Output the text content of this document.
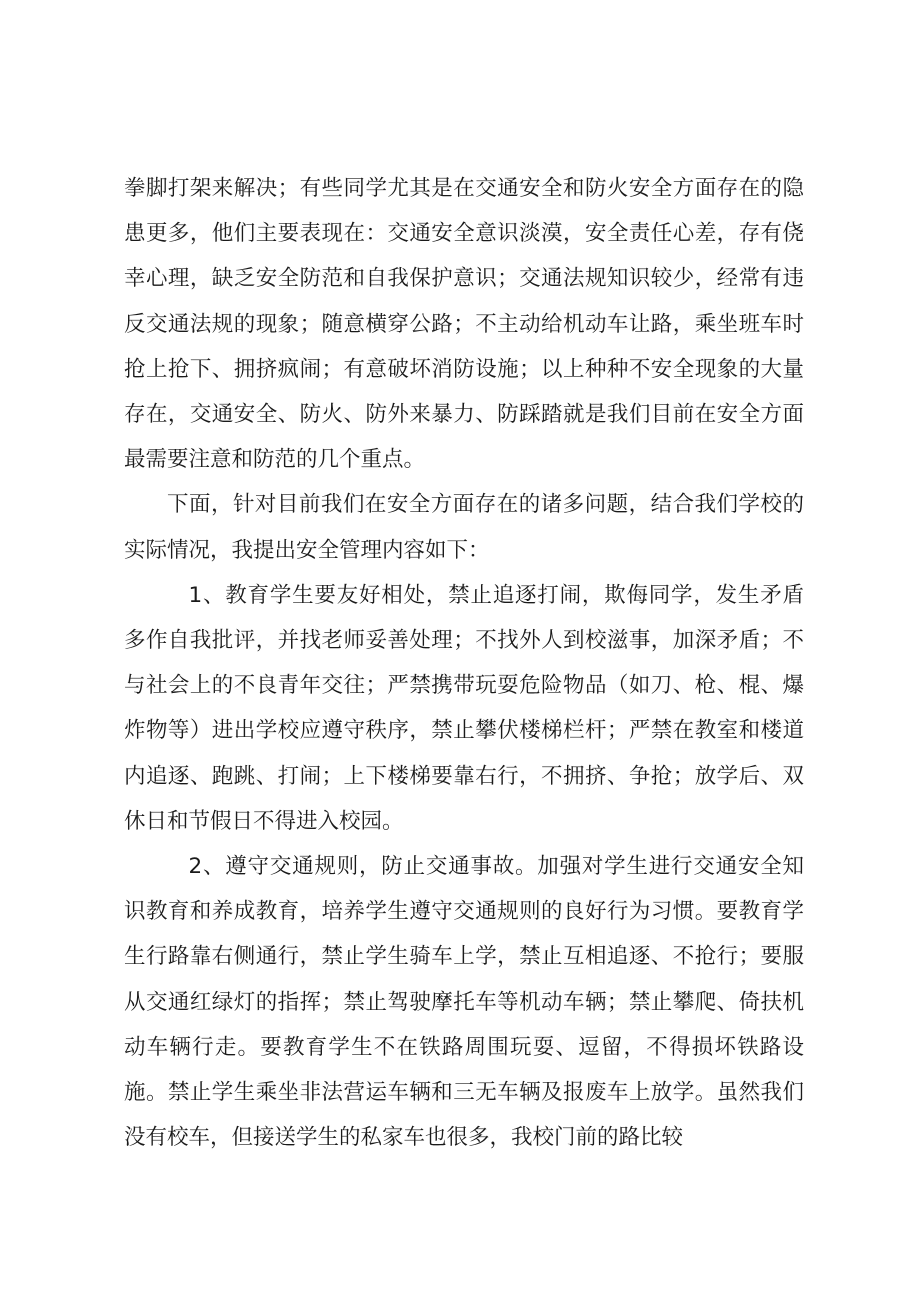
拳脚打架来解决；有些同学尤其是在交通安全和防火安全方面存在的隐患更多，他们主要表现在：交通安全意识淡漠，安全责任心差，存有侥幸心理，缺乏安全防范和自我保护意识；交通法规知识较少，经常有违反交通法规的现象；随意横穿公路；不主动给机动车让路，乘坐班车时抢上抢下、拥挤疯闹；有意破坏消防设施；以上种种不安全现象的大量存在，交通安全、防火、防外来暴力、防踩踏就是我们目前在安全方面最需要注意和防范的几个重点。

下面，针对目前我们在安全方面存在的诸多问题，结合我们学校的实际情况，我提出安全管理内容如下：

1、教育学生要友好相处，禁止追逐打闹，欺侮同学，发生矛盾多作自我批评，并找老师妥善处理；不找外人到校滋事，加深矛盾；不与社会上的不良青年交往；严禁携带玩耍危险物品（如刀、枪、棍、爆炸物等）进出学校应遵守秩序，禁止攀伏楼梯栏杆；严禁在教室和楼道内追逐、跑跳、打闹；上下楼梯要靠右行，不拥挤、争抢；放学后、双休日和节假日不得进入校园。

2、遵守交通规则，防止交通事故。加强对学生进行交通安全知识教育和养成教育，培养学生遵守交通规则的良好行为习惯。要教育学生行路靠右侧通行，禁止学生骑车上学，禁止互相追逐、不抢行；要服从交通红绿灯的指挥；禁止驾驶摩托车等机动车辆；禁止攀爬、倚扶机动车辆行走。要教育学生不在铁路周围玩耍、逗留，不得损坏铁路设施。禁止学生乘坐非法营运车辆和三无车辆及报废车上放学。虽然我们没有校车，但接送学生的私家车也很多，我校门前的路比较
